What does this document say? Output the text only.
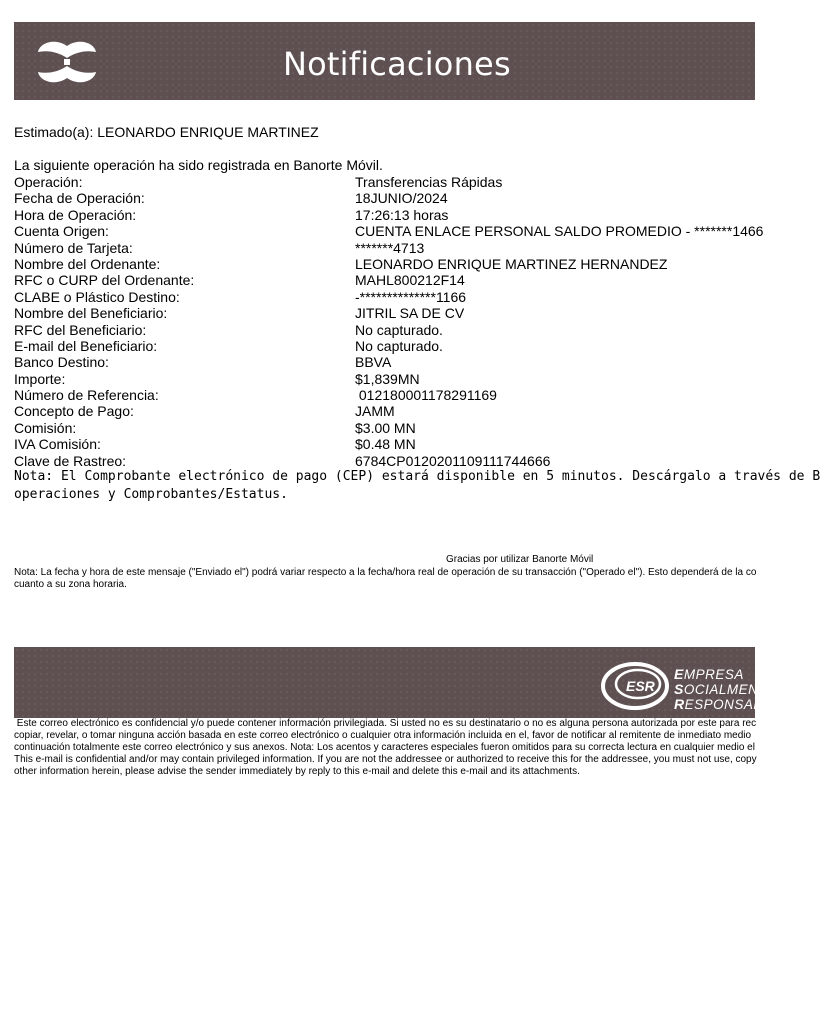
Notificaciones
Estimado(a): LEONARDO ENRIQUE MARTINEZ
La siguiente operación ha sido registrada en Banorte Móvil.
Operación:	Transferencias Rápidas
Fecha de Operación:	18JUNIO/2024
Hora de Operación:	17:26:13 horas
Cuenta Origen:	CUENTA ENLACE PERSONAL SALDO PROMEDIO - *******1466
Número de Tarjeta:	*******4713
Nombre del Ordenante:	LEONARDO ENRIQUE MARTINEZ HERNANDEZ
RFC o CURP del Ordenante:	MAHL800212F14
CLABE o Plástico Destino:	-**************1166
Nombre del Beneficiario:	JITRIL SA DE CV
RFC del Beneficiario:	No capturado.
E-mail del Beneficiario:	No capturado.
Banco Destino:	BBVA
Importe:	$1,839MN
Número de Referencia:	012180001178291169
Concepto de Pago:	JAMM
Comisión:	$3.00 MN
IVA Comisión:	$0.48 MN
Clave de Rastreo:	6784CP0120201109111744666
Nota: El Comprobante electrónico de pago (CEP) estará disponible en 5 minutos. Descárgalo a través de B
operaciones y Comprobantes/Estatus.
Gracias por utilizar Banorte Móvil
Nota: La fecha y hora de este mensaje ("Enviado el") podrá variar respecto a la fecha/hora real de operación de su transacción ("Operado el"). Esto dependerá de la co
cuanto a su zona horaria.
ESR
EMPRESA
SOCIALMENTE
RESPONSABLE
Este correo electrónico es confidencial y/o puede contener información privilegiada. Si usted no es su destinatario o no es alguna persona autorizada por este para rec
copiar, revelar, o tomar ninguna acción basada en este correo electrónico o cualquier otra información incluida en el, favor de notificar al remitente de inmediato medio
continuación totalmente este correo electrónico y sus anexos. Nota: Los acentos y caracteres especiales fueron omitidos para su correcta lectura en cualquier medio el
This e-mail is confidential and/or may contain privileged information. If you are not the addressee or authorized to receive this for the addressee, you must not use, copy
other information herein, please advise the sender immediately by reply to this e-mail and delete this e-mail and its attachments.
